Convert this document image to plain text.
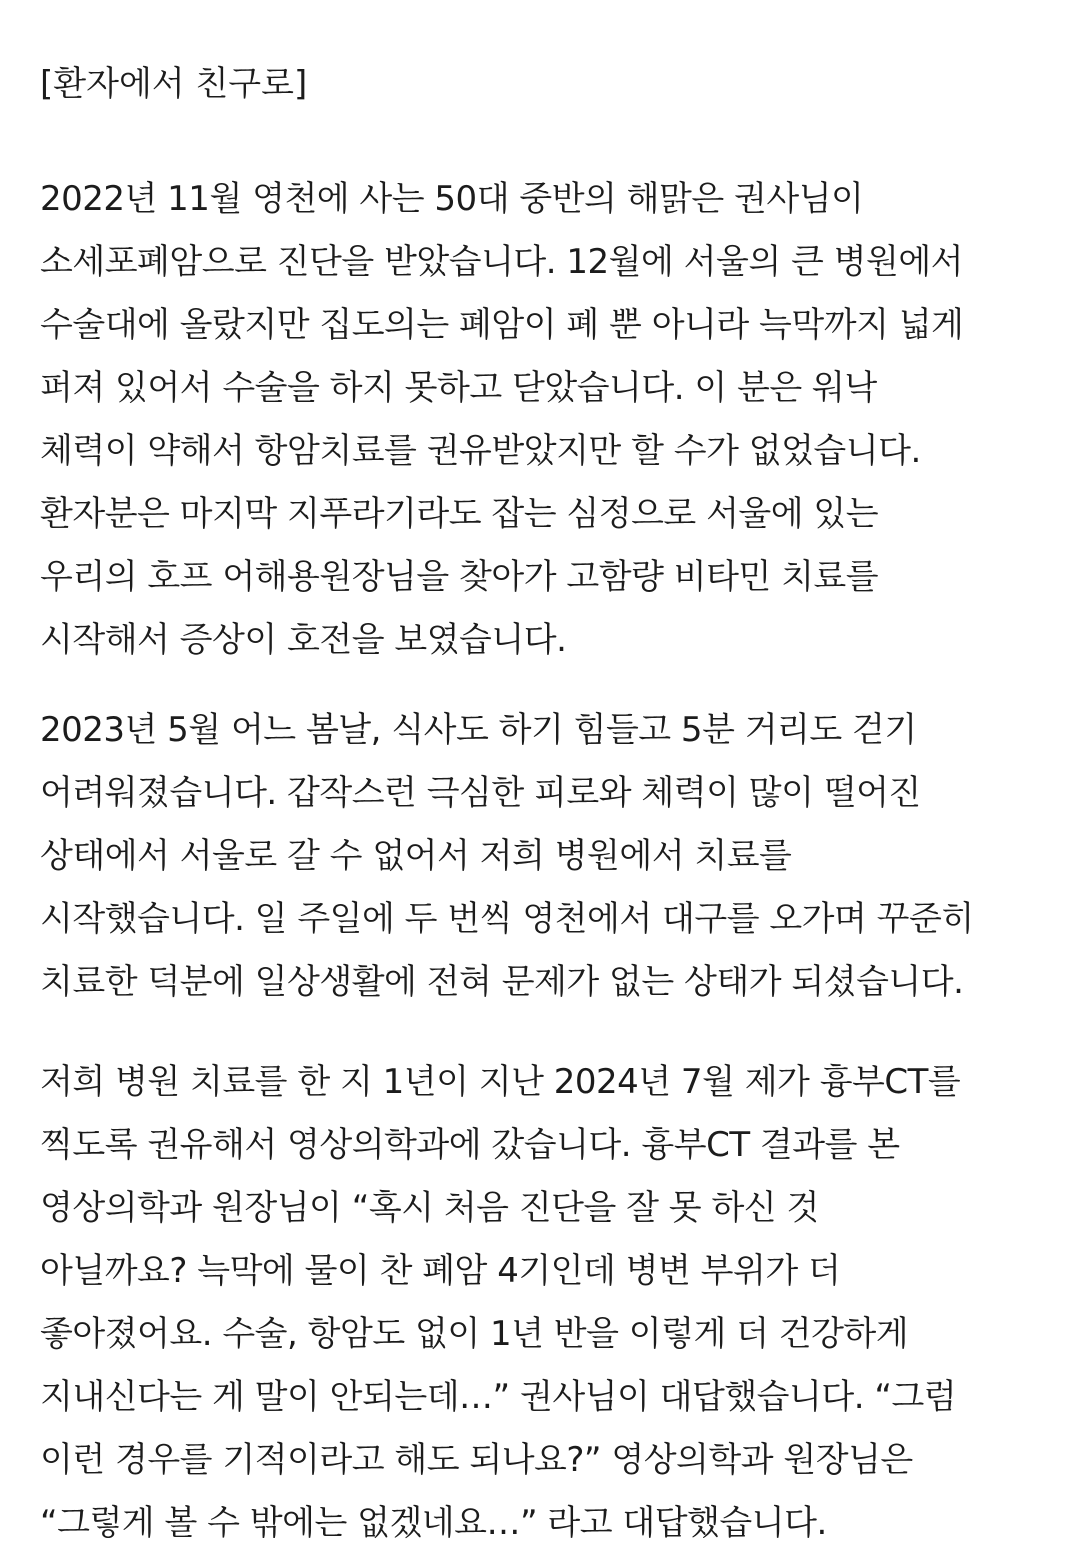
[환자에서 친구로]

2022년 11월 영천에 사는 50대 중반의 해맑은 권사님이
소세포폐암으로 진단을 받았습니다. 12월에 서울의 큰 병원에서
수술대에 올랐지만 집도의는 폐암이 폐 뿐 아니라 늑막까지 넓게
퍼져 있어서 수술을 하지 못하고 닫았습니다. 이 분은 워낙
체력이 약해서 항암치료를 권유받았지만 할 수가 없었습니다.
환자분은 마지막 지푸라기라도 잡는 심정으로 서울에 있는
우리의 호프 어해용원장님을 찾아가 고함량 비타민 치료를
시작해서 증상이 호전을 보였습니다.

2023년 5월 어느 봄날, 식사도 하기 힘들고 5분 거리도 걷기
어려워졌습니다. 갑작스런 극심한 피로와 체력이 많이 떨어진
상태에서 서울로 갈 수 없어서 저희 병원에서 치료를
시작했습니다. 일 주일에 두 번씩 영천에서 대구를 오가며 꾸준히
치료한 덕분에 일상생활에 전혀 문제가 없는 상태가 되셨습니다.

저희 병원 치료를 한 지 1년이 지난 2024년 7월 제가 흉부CT를
찍도록 권유해서 영상의학과에 갔습니다. 흉부CT 결과를 본
영상의학과 원장님이 “혹시 처음 진단을 잘 못 하신 것
아닐까요? 늑막에 물이 찬 폐암 4기인데 병변 부위가 더
좋아졌어요. 수술, 항암도 없이 1년 반을 이렇게 더 건강하게
지내신다는 게 말이 안되는데…” 권사님이 대답했습니다. “그럼
이런 경우를 기적이라고 해도 되나요?” 영상의학과 원장님은
“그렇게 볼 수 밖에는 없겠네요…” 라고 대답했습니다.
